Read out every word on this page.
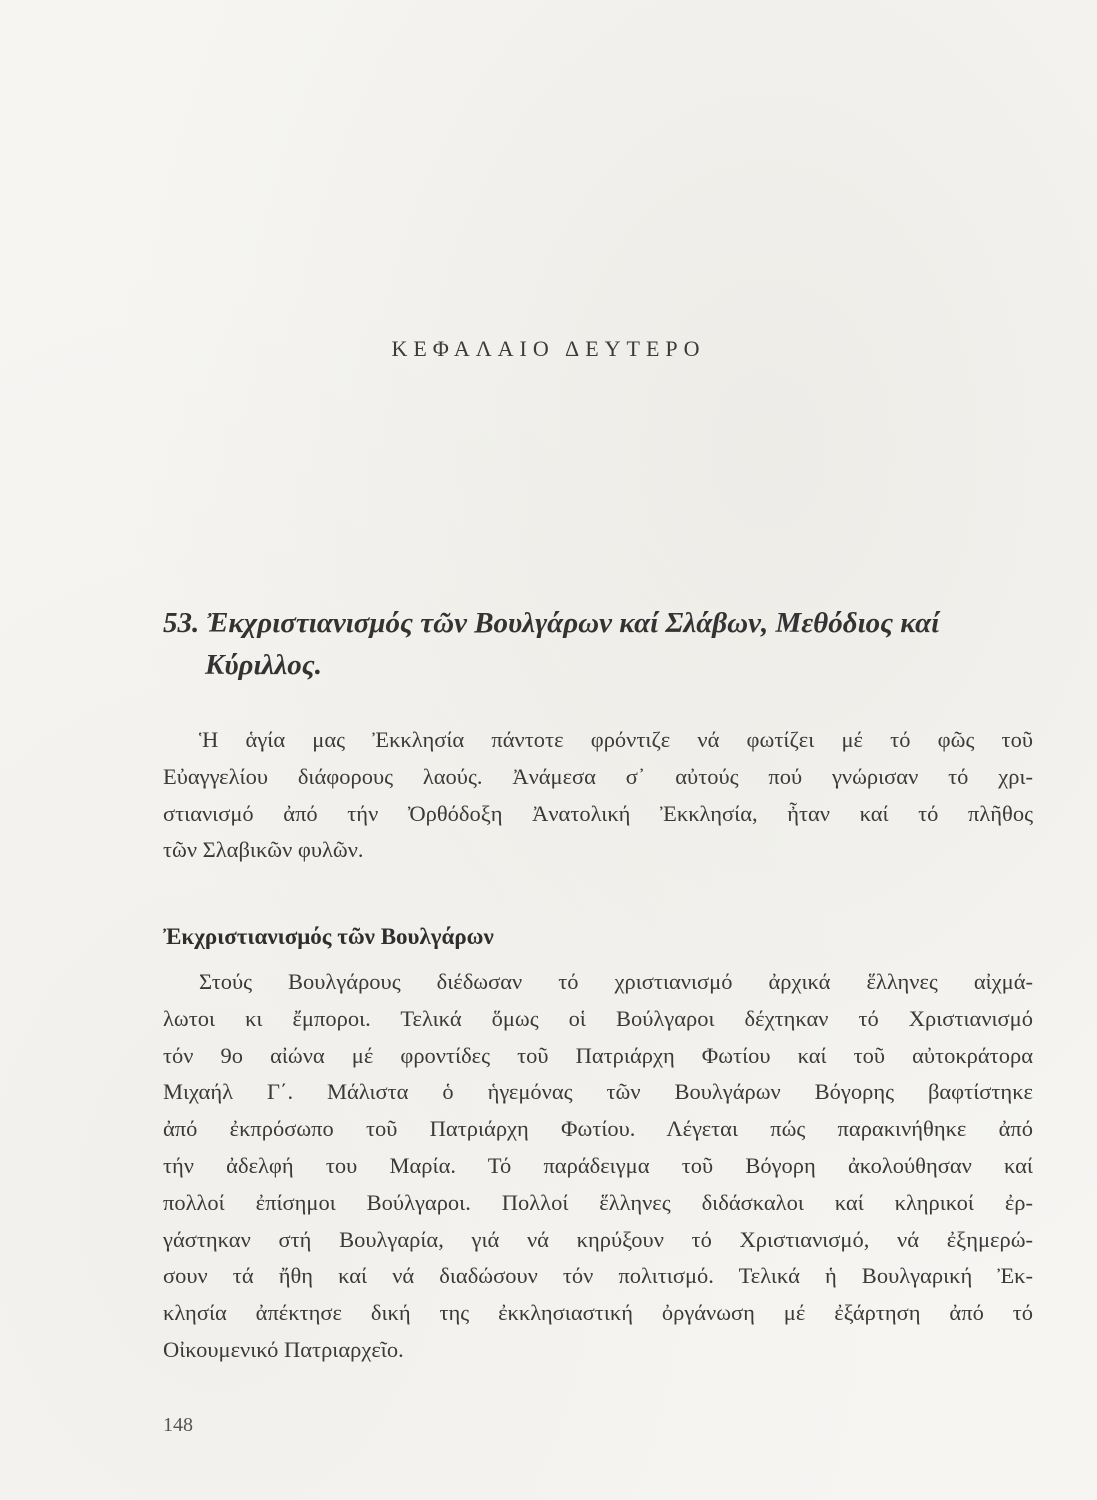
ΚΕΦΑΛΑΙΟ ΔΕΥΤΕΡΟ
53. Ἐκχριστιανισμός τῶν Βουλγάρων καί Σλάβων, Μεθόδιος καί
Κύριλλος.

Ἡ ἁγία μας Ἐκκλησία πάντοτε φρόντιζε νά φωτίζει μέ τό φῶς τοῦ
Εὐαγγελίου διάφορους λαούς. Ἀνάμεσα σ᾽ αὐτούς πού γνώρισαν τό χρι-
στιανισμό ἀπό τήν Ὀρθόδοξη Ἀνατολική Ἐκκλησία, ἦταν καί τό πλῆθος
τῶν Σλαβικῶν φυλῶν.

Ἐκχριστιανισμός τῶν Βουλγάρων

Στούς Βουλγάρους διέδωσαν τό χριστιανισμό ἀρχικά ἕλληνες αἰχμά-
λωτοι κι ἔμποροι. Τελικά ὅμως οἱ Βούλγαροι δέχτηκαν τό Χριστιανισμό
τόν 9ο αἰώνα μέ φροντίδες τοῦ Πατριάρχη Φωτίου καί τοῦ αὐτοκράτορα
Μιχαήλ Γ΄. Μάλιστα ὁ ἡγεμόνας τῶν Βουλγάρων Βόγορης βαφτίστηκε
ἀπό ἐκπρόσωπο τοῦ Πατριάρχη Φωτίου. Λέγεται πώς παρακινήθηκε ἀπό
τήν ἀδελφή του Μαρία. Τό παράδειγμα τοῦ Βόγορη ἀκολούθησαν καί
πολλοί ἐπίσημοι Βούλγαροι. Πολλοί ἕλληνες διδάσκαλοι καί κληρικοί ἐρ-
γάστηκαν στή Βουλγαρία, γιά νά κηρύξουν τό Χριστιανισμό, νά ἐξημερώ-
σουν τά ἤθη καί νά διαδώσουν τόν πολιτισμό. Τελικά ἡ Βουλγαρική Ἐκ-
κλησία ἀπέκτησε δική της ἐκκλησιαστική ὀργάνωση μέ ἐξάρτηση ἀπό τό
Οἰκουμενικό Πατριαρχεῖο.

148
